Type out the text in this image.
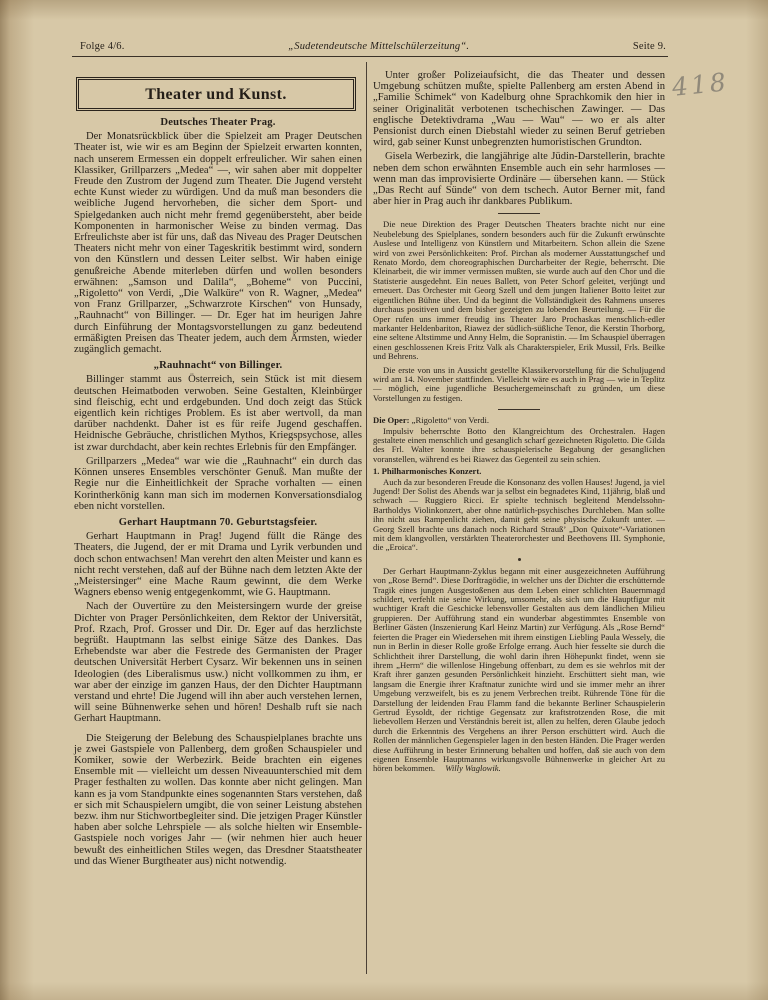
Folge 4/6.	„Sudetendeutsche Mittelschülerzeitung“.	Seite 9.
418
Theater und Kunst.
Deutsches Theater Prag.

Der Monatsrückblick über die Spielzeit am Prager Deutschen Theater ist, wie wir es am Beginn der Spielzeit erwarten konnten, nach unserem Ermessen ein doppelt erfreulicher. Wir sahen einen Klassiker, Grillparzers „Medea“ —, wir sahen aber mit doppelter Freude den Zustrom der Jugend zum Theater. Die Jugend versteht echte Kunst wieder zu würdigen. Und da muß man besonders die weibliche Jugend hervorheben, die sicher dem Sport- und Spielgedanken auch nicht mehr fremd gegenübersteht, aber beide Komponenten in harmonischer Weise zu binden vermag. Das Erfreulichste aber ist für uns, daß das Niveau des Prager Deutschen Theaters nicht mehr von einer Tageskritik bestimmt wird, sondern von den Künstlern und dessen Leiter selbst. Wir haben einige genußreiche Abende miterleben dürfen und wollen besonders erwähnen: „Samson und Dalila“, „Boheme“ von Puccini, „Rigoletto“ von Verdi, „Die Walküre“ von R. Wagner, „Medea“ von Franz Grillparzer, „Schwarzrote Kirschen“ von Hunsady, „Rauhnacht“ von Billinger. — Dr. Eger hat im heurigen Jahre durch Einführung der Montagsvorstellungen zu ganz bedeutend ermäßigten Preisen das Theater jedem, auch dem Ärmsten, wieder zugänglich gemacht.

„Rauhnacht“ von Billinger.

Billinger stammt aus Österreich, sein Stück ist mit diesem deutschen Heimatboden verwoben. Seine Gestalten, Kleinbürger sind fleischig, echt und erdgebunden. Und doch zeigt das Stück eigentlich kein richtiges Problem. Es ist aber wertvoll, da man darüber nachdenkt. Daher ist es für reife Jugend geschaffen. Heidnische Gebräuche, christlichen Mythos, Kriegspsychose, alles ist zwar durchdacht, aber kein rechtes Erlebnis für den Empfänger.

Grillparzers „Medea“ war wie die „Rauhnacht“ ein durch das Können unseres Ensembles verschönter Genuß. Man mußte der Regie nur die Einheitlichkeit der Sprache vorhalten — einen Korintherkönig kann man sich im modernen Konversationsdialog eben nicht vorstellen.

Gerhart Hauptmann 70. Geburtstagsfeier.

Gerhart Hauptmann in Prag! Jugend füllt die Ränge des Theaters, die Jugend, der er mit Drama und Lyrik verbunden und doch schon entwachsen! Man verehrt den alten Meister und kann es nicht recht verstehen, daß auf der Bühne nach dem letzten Akte der „Meistersinger“ eine Mache Raum gewinnt, die dem Werke Wagners ebenso wenig entgegenkommt, wie G. Hauptmann.

Nach der Ouvertüre zu den Meistersingern wurde der greise Dichter von Prager Persönlichkeiten, dem Rektor der Universität, Prof. Rzach, Prof. Grosser und Dir. Dr. Eger auf das herzlichste begrüßt. Hauptmann las selbst einige Sätze des Dankes. Das Erhebendste war aber die Festrede des Germanisten der Prager deutschen Universität Herbert Cysarz. Wir bekennen uns in seinen Ideologien (des Liberalismus usw.) nicht vollkommen zu ihm, er war aber der einzige im ganzen Haus, der den Dichter Hauptmann verstand und ehrte! Die Jugend will ihn aber auch verstehen lernen, will seine Bühnenwerke sehen und hören! Deshalb ruft sie nach Gerhart Hauptmann.

Die Steigerung der Belebung des Schauspielplanes brachte uns je zwei Gastspiele von Pallenberg, dem großen Schauspieler und Komiker, sowie der Werbezirk. Beide brachten ein eigenes Ensemble mit — vielleicht um dessen Niveauunterschied mit dem Prager festhalten zu wollen. Das konnte aber nicht gelingen. Man kann es ja vom Standpunkte eines sogenannten Stars verstehen, daß er sich mit Schauspielern umgibt, die von seiner Leistung abstehen bezw. ihm nur Stichwortbegleiter sind. Die jetzigen Prager Künstler haben aber solche Lehrspiele — als solche hielten wir Ensemble-Gastspiele noch voriges Jahr — (wir nehmen hier auch heuer bewußt des einheitlichen Stiles wegen, das Dresdner Staatstheater und das Wiener Burgtheater aus) nicht notwendig.

Unter großer Polizeiaufsicht, die das Theater und dessen Umgebung schützen mußte, spielte Pallenberg am ersten Abend in „Familie Schimek“ von Kadelburg ohne Sprachkomik den hier in seiner Originalität verbotenen tschechischen Zawinger. — Das englische Detektivdrama „Wau — Wau“ — wo er als alter Pensionist durch einen Diebstahl wieder zu seinen Beruf getrieben wird, gab seiner Kunst unbegrenzten humoristischen Grundton.

Gisela Werbezirk, die langjährige alte Jüdin-Darstellerin, brachte neben dem schon erwähnten Ensemble auch ein sehr harmloses — wenn man das improvisierte Ordinäre — übersehen kann. — Stück „Das Recht auf Sünde“ von dem tschech. Autor Berner mit, fand aber hier in Prag auch ihr dankbares Publikum.

Die neue Direktion des Prager Deutschen Theaters brachte nicht nur eine Neubelebung des Spielplanes, sondern besonders auch für die Zukunft erwünschte Auslese und Intelligenz von Künstlern und Mitarbeitern. Schon allein die Szene wird von zwei Persönlichkeiten: Prof. Pirchan als moderner Ausstattungschef und Renato Mordo, dem choreographischen Durcharbeiter der Regie, beherrscht. Die Kleinarbeit, die wir immer vermissen mußten, sie wurde auch auf den Chor und die Statisterie ausgedehnt. Ein neues Ballett, von Peter Schorf geleitet, verjüngt und erneuert. Das Orchester mit Georg Szell und dem jungen Italiener Botto leitet zur eigentlichen Bühne über. Und da beginnt die Vollständigkeit des Rahmens unseres durchaus positiven und dem bisher gezeigten zu lobenden Beurteilung. — Für die Oper rufen uns immer freudig ins Theater Jaro Prochaskas menschlich-edler markanter Heldenbariton, Riawez der südlich-süßliche Tenor, die Kerstin Thorborg, eine seltene Altstimme und Anny Helm, die Sopranistin. — Im Schauspiel überragen einen geschlossenen Kreis Fritz Valk als Charakterspieler, Erik Mussil, Frls. Beilke und Behrens.

Die erste von uns in Aussicht gestellte Klassikervorstellung für die Schuljugend wird am 14. November stattfinden. Vielleicht wäre es auch in Prag — wie in Teplitz — möglich, eine jugendliche Besuchergemeinschaft zu gründen, um diese Vorstellungen zu festigen.

Die Oper: „Rigoletto“ von Verdi.

Impulsiv beherrschte Botto den Klangreichtum des Orchestralen. Hagen gestaltete einen menschlich und gesanglich scharf gezeichneten Rigoletto. Die Gilda des Frl. Walter konnte ihre schauspielerische Begabung der gesanglichen voranstellen, während es bei Riawez das Gegenteil zu sein schien.

1. Philharmonisches Konzert.

Auch da zur besonderen Freude die Konsonanz des vollen Hauses! Jugend, ja viel Jugend! Der Solist des Abends war ja selbst ein begnadetes Kind, 11jährig, blaß und schwach — Ruggiero Ricci. Er spielte technisch begleitend Mendelssohn-Bartholdys Violinkonzert, aber ohne natürlich-psychisches Durchleben. Man sollte ihn nicht aus Rampenlicht ziehen, damit geht seine physische Zukunft unter. — Georg Szell brachte uns danach noch Richard Strauß’ „Don Quixote“-Variationen mit dem klangvollen, verstärkten Theaterorchester und Beethovens III. Symphonie, die „Eroica“.

Der Gerhart Hauptmann-Zyklus begann mit einer ausgezeichneten Aufführung von „Rose Bernd“. Diese Dorftragödie, in welcher uns der Dichter die erschütternde Tragik eines jungen Ausgestoßenen aus dem Leben einer schlichten Bauernmagd schildert, verfehlt nie seine Wirkung, umsomehr, als sich um die Hauptfigur mit wuchtiger Kraft die Geschicke lebensvoller Gestalten aus dem ländlichen Milieu gruppieren. Der Aufführung stand ein wunderbar abgestimmtes Ensemble von Berliner Gästen (Inszenierung Karl Heinz Martin) zur Verfügung. Als „Rose Bernd“ feierten die Prager ein Wiedersehen mit ihrem einstigen Liebling Paula Wessely, die nun in Berlin in dieser Rolle große Erfolge errang. Auch hier fesselte sie durch die Schlichtheit ihrer Darstellung, die wohl darin ihren Höhepunkt findet, wenn sie ihrem „Herrn“ die willenlose Hingebung offenbart, zu dem es sie wehrlos mit der Kraft ihrer ganzen gesunden Persönlichkeit hinzieht. Erschüttert sieht man, wie langsam die Energie ihrer Kraftnatur zunichte wird und sie immer mehr an ihrer Umgebung verzweifelt, bis es zu jenem Verbrechen treibt. Rührende Töne für die Darstellung der leidenden Frau Flamm fand die bekannte Berliner Schauspielerin Gertrud Eysoldt, der richtige Gegensatz zur kraftstrotzenden Rose, die mit liebevollem Herzen und Verständnis bereit ist, allen zu helfen, deren Glaube jedoch durch die Erkenntnis des Vergehens an ihrer Person erschüttert wird. Auch die Rollen der männlichen Gegenspieler lagen in den besten Händen. Die Prager werden diese Aufführung in bester Erinnerung behalten und hoffen, daß sie auch von dem eigenen Ensemble Hauptmanns wirkungsvolle Bühnenwerke in gleicher Art zu hören bekommen. Willy Waglowik.
